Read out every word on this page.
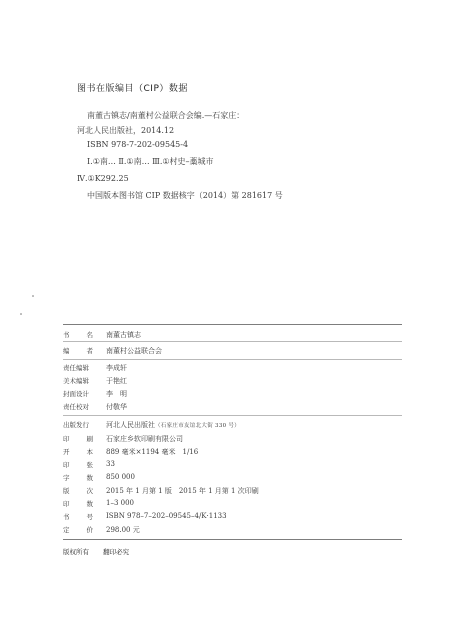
图书在版编目（CIP）数据
南董古镇志/南董村公益联合会编.—石家庄：
河北人民出版社，2014.12
ISBN 978-7-202-09545-4
Ⅰ.①南… Ⅱ.①南… Ⅲ.①村史–藁城市
Ⅳ.①K292.25
中国版本图书馆 CIP 数据核字（2014）第 281617 号
书	名 南董古镇志
编	者 南董村公益联合会
责任编辑	李成轩
美术编辑	于艳红
封面设计	李　明
责任校对	付敬华
出版发行	河北人民出版社（石家庄市友谊北大街 330 号）
印	刷 石家庄乡软印刷有限公司
开	本 889 毫米×1194 毫米　1/16
印	张 33
字	数 850 000
版	次 2015 年 1 月第 1 版　2015 年 1 月第 1 次印刷
印	数 1–3 000
书	号 ISBN 978–7–202–09545–4/K·1133
定	价 298.00 元
版权所有 翻印必究
